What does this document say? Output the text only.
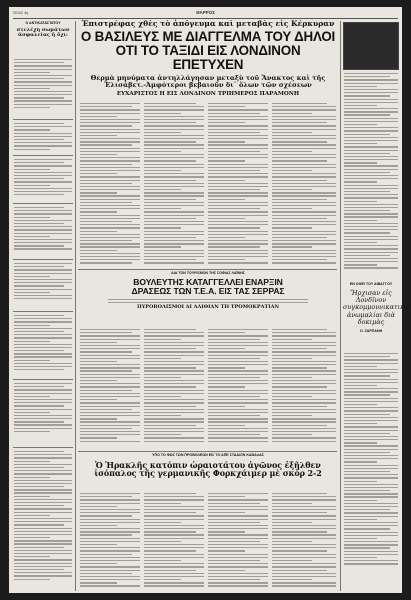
ΣΕΛΙΣ 4η	ΘΑΡΡΟΣ
Ο ΑΝΤΙΚΑΤΑΣΤΑΤΟΥ
στελέχη σωμάτων ἀσφαλείας ἡ ὄχι:
Ἐπιστρέφας χθὲς τὸ ἀπόγευμα καὶ μεταβὰς εἰς Κέρκυραν
Ο ΒΑΣΙΛΕΥΣ ΜΕ ΔΙΑΓΓΕΛΜΑ ΤΟΥ ΔΗΛΟΙ
ΟΤΙ ΤΟ ΤΑΞΙΔΙ ΕΙΣ ΛΟΝΔΙΝΟΝ ΕΠΕΤΥΧΕΝ
Θερμὰ μηνύματα ἀντηλλάγησαν μεταξὺ τοῦ Ἄνακτος καὶ τῆς Ἐλισάβετ.-Ἀμφότεροι βεβαιοῦν δι᾽ ὅλων τῶν σχέσεων
ΕΥΧΑΡΙΣΤΟΣ Η ΕΙΣ ΛΟΝΔΙΝΟΝ ΤΡΙΗΜΕΡΟΣ ΠΑΡΑΜΟΝΗ
ΔΙΑ ΤΟΝ ΤΟΥΡΙΣΜΟΝ ΤΗΣ ΣΟΦΙΑΣ ΛΑΪΝΗΣ
ΒΟΥΛΕΥΤΗΣ ΚΑΤΑΓΓΕΛΛΕΙ ΕΝΑΡΞΙΝ
ΔΡΑΣΕΩΣ ΤΩΝ Τ.Ε.Α. ΕΙΣ ΤΑΣ ΣΕΡΡΑΣ
ΠΥΡΟΒΟΛΙΣΜΟΙ ΔΙ ΑΛΙΘΙΑΝ ΤΗ ΤΡΟΜΟΚΡΑΤΙΑΝ
ΥΠΟ ΤΟ ΦΩΣ ΤΩΝ ΠΡΟΒΟΛΕΩΝ ΕΙΣ ΤΟ ΑΠΕ ΣΤΑΔΙΟΝ ΚΑΒΑΛΑΣ
Ὁ Ἡρακλῆς κατόπιν ὡραιοτάτου ἀγῶνος ἐξῆλθεν
ἰσόπαλος τῆς γερμανικῆς Φορκχάιμερ μὲ σκὸρ 2-2
ΕΝ ΟΨΕΙ ΤΟΥ ΑΙΒΑΓΓΟΥ
Ἤρχισαν εἰς Λονδῖνον συγκομμουνικατικαὶ ἀνωμαλίαι διὰ δοκιμὰς
Ο. ΖΑΡΠΑΝΗ
